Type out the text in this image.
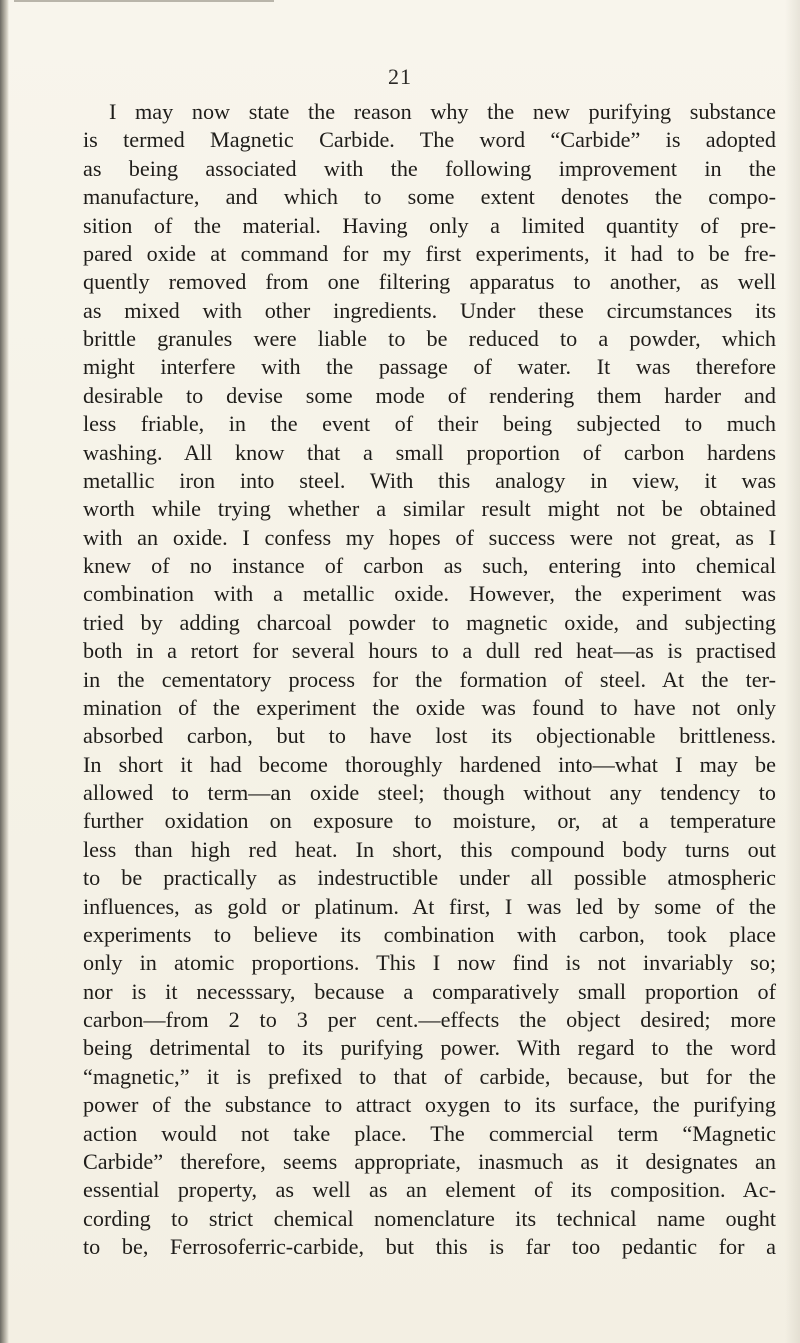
21
I may now state the reason why the new purifying substance
is termed Magnetic Carbide. The word “Carbide” is adopted
as being associated with the following improvement in the
manufacture, and which to some extent denotes the compo-
sition of the material. Having only a limited quantity of pre-
pared oxide at command for my first experiments, it had to be fre-
quently removed from one filtering apparatus to another, as well
as mixed with other ingredients. Under these circumstances its
brittle granules were liable to be reduced to a powder, which
might interfere with the passage of water. It was therefore
desirable to devise some mode of rendering them harder and
less friable, in the event of their being subjected to much
washing. All know that a small proportion of carbon hardens
metallic iron into steel. With this analogy in view, it was
worth while trying whether a similar result might not be obtained
with an oxide. I confess my hopes of success were not great, as I
knew of no instance of carbon as such, entering into chemical
combination with a metallic oxide. However, the experiment was
tried by adding charcoal powder to magnetic oxide, and subjecting
both in a retort for several hours to a dull red heat—as is practised
in the cementatory process for the formation of steel. At the ter-
mination of the experiment the oxide was found to have not only
absorbed carbon, but to have lost its objectionable brittleness.
In short it had become thoroughly hardened into—what I may be
allowed to term—an oxide steel; though without any tendency to
further oxidation on exposure to moisture, or, at a temperature
less than high red heat. In short, this compound body turns out
to be practically as indestructible under all possible atmospheric
influences, as gold or platinum. At first, I was led by some of the
experiments to believe its combination with carbon, took place
only in atomic proportions. This I now find is not invariably so;
nor is it necesssary, because a comparatively small proportion of
carbon—from 2 to 3 per cent.—effects the object desired; more
being detrimental to its purifying power. With regard to the word
“magnetic,” it is prefixed to that of carbide, because, but for the
power of the substance to attract oxygen to its surface, the purifying
action would not take place. The commercial term “Magnetic
Carbide” therefore, seems appropriate, inasmuch as it designates an
essential property, as well as an element of its composition. Ac-
cording to strict chemical nomenclature its technical name ought
to be, Ferrosoferric-carbide, but this is far too pedantic for a
